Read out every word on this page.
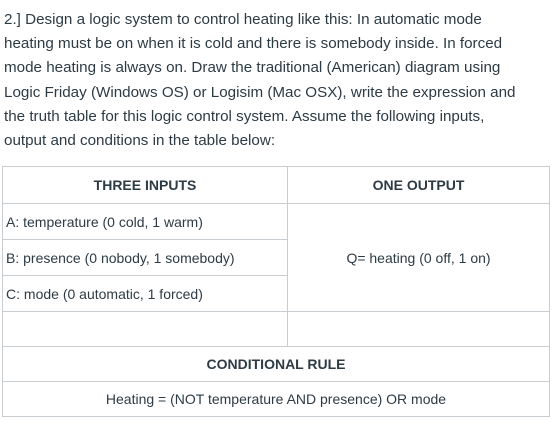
2.] Design a logic system to control heating like this: In automatic mode
heating must be on when it is cold and there is somebody inside. In forced
mode heating is always on. Draw the traditional (American) diagram using
Logic Friday (Windows OS) or Logisim (Mac OSX), write the expression and
the truth table for this logic control system. Assume the following inputs,
output and conditions in the table below:
THREE INPUTS	ONE OUTPUT
A: temperature (0 cold, 1 warm)	Q= heating (0 off, 1 on)
B: presence (0 nobody, 1 somebody)	
C: mode (0 automatic, 1 forced)	

CONDITIONAL RULE	
Heating = (NOT temperature AND presence) OR mode	
